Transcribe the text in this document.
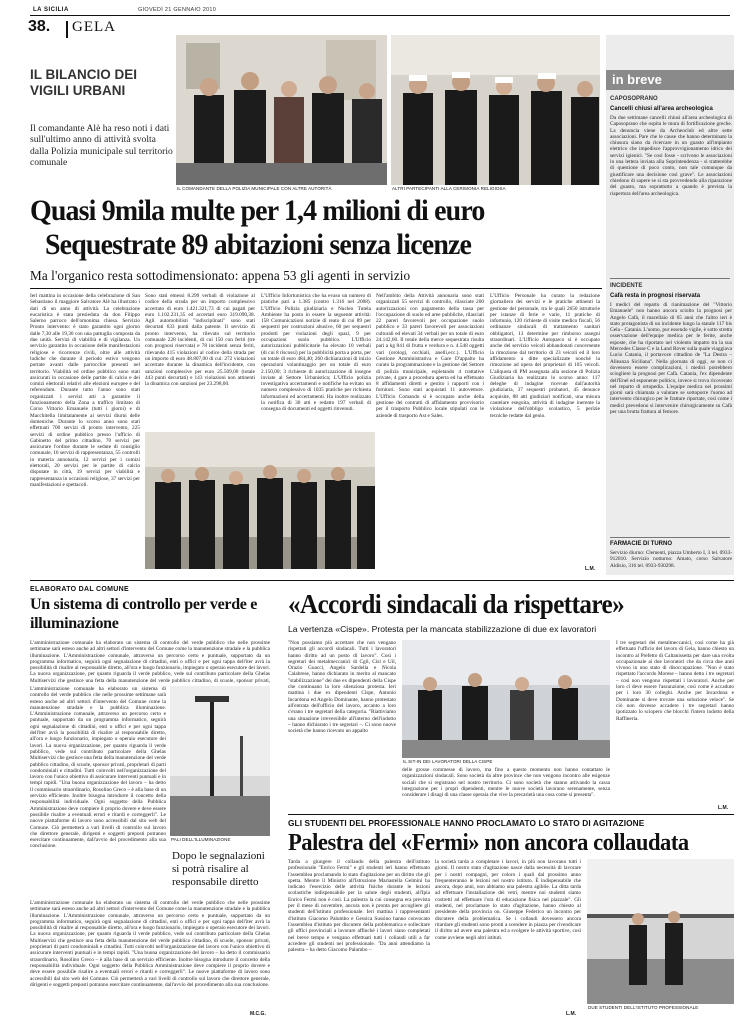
LA SICILIA	GIOVEDÌ 21 GENNAIO 2010
38. GELA
IL BILANCIO DEI VIGILI URBANI
Il comandante Alè ha reso noti i dati sull'ultimo anno di attività svolta dalla Polizia municipale sul territorio comunale
IL COMANDANTE DELLA POLIZIA MUNICIPALE CON ALTRE AUTORITÀ	ALTRI PARTECIPANTI ALLA CERIMONIA RELIGIOSA
Quasi 9mila multe per 1,4 milioni di euro
Sequestrate 89 abitazioni senza licenze
Ma l'organico resta sottodimensionato: appena 53 gli agenti in servizio
Ieri mattina in occasione della celebrazione di San Sebastiano il maggiore Salvatore Alè ha illustrato i dati di un anno di attività. La celebrazione eucaristica è stata presieduta da don Filippo Salerno parroco dell'omonima chiesa. Servizio Pronto intervento: è stato garantito ogni giorno dalle 7,30 alle 19,30 con una pattuglia composta da due unità. Servizi di viabilità e di vigilanza. Un servizio garantito in occasione delle manifestazioni religiose e ricorrenze civili, oltre alle attività ludiche che durante il periodo estivo vengono portate avanti dalle parrocchie presenti nel territorio. Viabilità ed ordine pubblico sono stati assicurati in occasione delle partite di calcio e dei comizi elettorali relativi alle elezioni europee e del referendum. Durante tutto l'anno sono stati organizzati i servizi atti a garantire il funzionamento della Zona a traffico limitato di Corso Vittorio Emanuele (tutti i giorni) e di Macchitella limitatamente ai servizi diurni delle domeniche. Durante lo scorso anno sono stati effettuati 700 servizi di pronto intervento, 225 servizi di ordine pubblico presso l'ufficio di Gabinetto del primo cittadino, 70 servizi per assicurare l'ordine durante le sedute di consiglio comunale, 10 servizi di rappresentanza, 55 controlli in materia annonaria, 12 servizi per i comizi elettorali, 20 servizi per le partite di calcio disputate in città, 19 servizi per viabilità e rappresentanza in occasioni religiose, 37 servizi per manifestazioni e spettacoli.
Sono stati emessi 8.299 verbali di violazione al codice della strada per un importo complessivo accertato di euro 1.421.321,73 di cui pagati per euro 1.102.231,35 ed accertati euro 319.090,38. Agli automobilisti "indisciplinati" sono stati decurtati 633 punti dalla patente. Il servizio di pronto intervento, ha rilevato sul territorio comunale 228 incidenti, di cui 150 con feriti (tre con prognosi riservata) e 78 incidenti senza feriti, rilevando 415 violazioni al codice della strada per un importo di euro 48.807,00 di cui: 272 violazioni accertate durante la dinamica dell'incidente, con sanzioni complessive per euro 25.509,00 (totale 443 punti decurtati) e 143 violazioni non attinenti la dinamica con sanzioni per 23.298,00.
L'Ufficio Infortunistica che ha evaso un numero di pratiche pari a 1.385 (contro 1.316 nel 2008). L'Ufficio Polizia giudiziaria e Nucleo Tutela Ambiente ha posto in essere la seguente attività: 158 Comunicazioni notizie di reato di cui 89 per sequestri per costruzioni abusive, 60 per sequestri prodotti per violazioni degli spazi, 9 per occupazioni suolo pubblico. L'Ufficio autorizzazioni pubblicitarie ha elevato 10 verbali (di cui 8 riscossi) per la pubblicità porta a porta, per un totale di euro 484,40; 260 dichiarazioni di inizio operazioni volantinaggio per un totale di euro 2.150,00; 3 richieste di autorizzazione di insegne inviate al Settore Urbanistica; L'Ufficio polizia investigativa accertamenti e notifiche ha evitato un numero complessivo di 1035 pratiche per richiesta informazioni ed accertamenti. Ha inoltre realizzato la notifica di 30 atti e redatto 197 verbali di consegna di documenti ed oggetti rinvenuti.
Nell'ambito della Attività annonaria sono stati organizzati 55 servizi di controllo, rilasciate 200 autorizzazioni con pagamento della tassa per l'occupazione di suolo ed aree pubbliche, rilasciati 22 pareri favorevoli per occupazione suolo pubblico e 33 pareri favorevoli per associazioni culturali ed elevati 34 verbali per un totale di euro 24.142,60. Il totale della merce sequestrata risulta pari a kg 841 di frutta e verdura e n. 4.548 oggetti vari (orologi, occhiali, anelli,ecc.). L'Ufficio Gestione Amministrativa e Gare D'appalto ha curato la programmazione e la gestione del Settore di polizia municipale, espletando 4 trattative private, 4 gare a procedura aperta ed ha effettuato 8 affidamenti diretti e gestito i rapporti con i fornitori. Sono stati acquistati 11 autovetture. L'Ufficio Comando si è occupato anche della gestione dei contratti di affidamento provvisorio per il trasporto Pubblico locale stipulati con le aziende di trasporto Ast e Sales.
L'Ufficio Personale ha curato la redazione giornaliera dei servizi e le pratiche attinenti la gestione del personale, tra le quali 2650 istruttorie per istanze di ferie e varie, 11 pratiche di infortunio, 120 richieste di visite medico fiscali, 56 ordinanze sindacali di trattamento sanitari obbligatori, 13 determine per rimborso assegni straordinari. L'Ufficio Autoparco si è occupato anche del servizio veicoli abbandonati concernente la rimozione dal territorio di 23 veicoli ed il loro affidamento a ditte specializzate nonché la rimozione ad opera dei proprietari di 105 veicoli. L'aliquota di PM assegnata alla sezione di Polizia Giudiziaria ha realizzato lo scorso anno: 117 deleghe di indagine ricevute dall'autorità giudiziaria, 37 sequestri probatori, 45 denunce acquisite, 88 atti giudiziari notificati, una misura cautelare eseguita, attività di indagine inerente la violazione dell'obbligo scolastico, 5 perizie tecniche redatte dal genio.
L.M.
in breve
CAPOSOPRANO
Cancelli chiusi all'area archeologica
Da due settimane cancelli chiusi all'area archeologica di Caposoprano che ospita le mura di fortificazione greche. La denuncia viene da Archeoclub ed altre sette associazioni. Pare che le cause che hanno determinato la chiusura siano da ricercare in un guasto all'impianto elettrico che impedisce l'approvvigionamento idrico dei servizi igienici. "Se così fosse - scrivono le associazioni in una lettera inviata alla Soprintendenza - si tratterebbe di questione di poco conto, non tale comunque da giustificare una decisione così grave". Le associazioni chiedono di sapere se si sta provvedendo alla riparazione del guasto, ma soprattutto a quando è prevista la riapertura dell'area archeologica.
INCIDENTE
Cafà resta in prognosi riservata
I medici del reparto di rianimazione del "Vittorio Emanuele" non hanno ancora sciolto la prognosi per Angelo Cafà, il macellaio di 65 anni che l'altro ieri è stato protagonista di un incidente lungo la statale 117 bis Gela - Catania. L'uomo, pur essendo vigile, è sotto stretta osservazione dell'equipe medica per le ferite, anche esposte, che ha riportato nel violento impatto tra la sua Mercedes Classe C e la Land Rover sulla quale viaggiava Lucio Catania, il portavoce cittadino de "La Destra – Alleanza Siciliana". Nella giornata di oggi, se non ci dovessero essere complicazioni, i medici potrebbero sciogliere la prognosi per Cafà. Catania, l'ex dipendente dell'Enel ed esponente politico, invece si trova ricoverato nel reparto di ortopedia. L'equipe medica nei prossimi giorni sarà chiamata a valutare se sottoporre l'uomo ad intervento chirurgico per le fratture riportate, così come i medici prevedono si intervenire chirurgicamente su Cafà per una brutta frattura al femore.
FARMACIE DI TURNO
Servizio diurno: Clementi, piazza Umberto I, 3 tel. 0933-912810. Servizio notturno: Amato, corso Salvatore Aldisio, 316 tel. 0933-930298.
ELABORATO DAL COMUNE
Un sistema di controllo per verde e illuminazione
L'amministrazione comunale ha elaborato un sistema di controllo del verde pubblico che nelle prossime settimane sarà esteso anche ad altri settori d'intervento del Comune come la manutenzione stradale e la pubblica illuminazione. L'Amministrazione comunale, attraverso un percorso certo e puntuale, supportato da un programma informatico, seguirà ogni segnalazione di cittadini, enti o uffici e per ogni tappa dell'iter avrà la possibilità di risalire al responsabile diretto, all'ora e luogo funzionario, impiegato o operaio esecutore dei lavori. La nuova organizzazione, per quanto riguarda il verde pubblico, vede sul contributo particolare della Ghelas Multiservizi che gestisce una fetta della manutenzione del verde pubblico cittadino, di scuole, sponsor privati,
L'amministrazione comunale ha elaborato un sistema di controllo del verde pubblico che nelle prossime settimane sarà esteso anche ad altri settori d'intervento del Comune come la manutenzione stradale e la pubblica illuminazione. L'Amministrazione comunale, attraverso un percorso certo e puntuale, supportato da un programma informatico, seguirà ogni segnalazione di cittadini, enti o uffici e per ogni tappa dell'iter avrà la possibilità di risalire al responsabile diretto, all'ora e luogo funzionario, impiegato o operaio esecutore dei lavori. La nuova organizzazione, per quanto riguarda il verde pubblico, vede sul contributo particolare della Ghelas Multiservizi che gestisce una fetta della manutenzione del verde pubblico cittadino, di scuole, sponsor privati, proprietari di parti condominiali e cittadini. Tutti coinvolti nell'organizzazione del lavoro con l'unico obiettivo di assicurare interventi puntuali e in tempi rapidi. "Una buona organizzazione del lavoro – ha detto il commissario straordinario, Rosolino Greco – è alla base di un servizio efficiente. Inoltre bisogna introdurre il concetto della responsabilità individuale. Ogni soggetto della Pubblica Amministrazione deve compiere il proprio dovere e deve essere possibile risalire a eventuali errori e ritardi e correggerli". Le nuove piattaforme di lavoro sono accessibili dal sito web del Comune. Ciò permetterà a vari livelli di controllo sul lavoro che direttore generale, dirigenti e soggetti preposti potranno esercitare continuamente, dall'avvio del procedimento alla sua conclusione.
PALI DELL'ILLUMINAZIONE
Dopo le segnalazioni si potrà risalire al responsabile diretto
L'amministrazione comunale ha elaborato un sistema di controllo del verde pubblico che nelle prossime settimane sarà esteso anche ad altri settori d'intervento del Comune come la manutenzione stradale e la pubblica illuminazione. L'Amministrazione comunale, attraverso un percorso certo e puntuale, supportato da un programma informatico, seguirà ogni segnalazione di cittadini, enti o uffici e per ogni tappa dell'iter avrà la possibilità di risalire al responsabile diretto, all'ora e luogo funzionario, impiegato o operaio esecutore dei lavori. La nuova organizzazione, per quanto riguarda il verde pubblico, vede sul contributo particolare della Ghelas Multiservizi che gestisce una fetta della manutenzione del verde pubblico cittadino, di scuole, sponsor privati, proprietari di parti condominiali e cittadini. Tutti coinvolti nell'organizzazione del lavoro con l'unico obiettivo di assicurare interventi puntuali e in tempi rapidi. "Una buona organizzazione del lavoro – ha detto il commissario straordinario, Rosolino Greco – è alla base di un servizio efficiente. Inoltre bisogna introdurre il concetto della responsabilità individuale. Ogni soggetto della Pubblica Amministrazione deve compiere il proprio dovere e deve essere possibile risalire a eventuali errori e ritardi e correggerli". Le nuove piattaforme di lavoro sono accessibili dal sito web del Comune. Ciò permetterà a vari livelli di controllo sul lavoro che direttore generale, dirigenti e soggetti preposti potranno esercitare continuamente, dall'avvio del procedimento alla sua conclusione.
M.C.G.
«Accordi sindacali da rispettare»
La vertenza «Cispe». Protesta per la mancata stabilizzazione di due ex lavoratori
"Non possiamo più accettare che non vengano rispettati gli accordi sindacali. Tutti i lavoratori hanno diritto ad un posto di lavoro". Così i segretari dei metalmeccanici di Cgil, Cisl e Uil, Orazio Guacci, Angelo Sardella e Nicola Calabrese, hanno dichiarato in merito al mancato "stabilizzazione" dei due ex dipendenti della Cispe che continuano la loro silenziosa protesta. Ieri mattina i due ex dipendenti Cispe, Antonio Incardona ed Angelo Dominante, hanno protestato all'entrata dell'ufficio del lavoro, accanto a loro c'erano i tre segretari della categoria. "Riattiviamo una situazione irreversibile all'interno dell'indotto – hanno dichiarato i tre segretari –. Ci sono nuove società che hanno ricevuto un appalto
IL SIT-IN DEI LAVORATORI DELLA CISPE
delle grosse commesse di lavoro, ma fino a questo momento non hanno contattato le organizzazioni sindacali. Sono società da altre province che non vengono incontro alle esigenze sociali che si registrano nel nostro territorio. Ci sono società che stanno attivando la cassa integrazione per i propri dipendenti, mentre le nuove società lavorano serenamente, senza considerare i disagi di una classe operaia che vive la precarietà una cosa come si presenta".
I tre segretari dei metalmeccanici, così come ha già effettuato l'ufficio del lavoro di Gela, hanno chiesto un incontro al Prefetto di Caltanissetta per dare una svolta occupazionale ai due lavoratori che da circa due anni vivono in uno stato di disoccupazione. "Non è stato rispettato l'accordo Morese – hanno detto i tre segretari – così non vengono rispettati i lavoratori. Anche per loro ci deve essere l'assunzione, così come è accaduto per i loro 30 colleghi. Anche per Incardona e Dominante si deve trovare una soluzione veloce". Se ciò non dovesse accadere i tre segretari hanno ipotizzato lo sciopero che blocchi l'intero indotto della Raffineria.
L.M.
GLI STUDENTI DEL PROFESSIONALE HANNO PROCLAMATO LO STATO DI AGITAZIONE
Palestra del «Fermi» non ancora collaudata
Tarda a giungere il collaudo della palestra dell'istituto professionale "Enrico Fermi" e gli studenti ieri hanno effettuato l'assemblea proclamando lo stato d'agitazione per un diritto che gli spetta. Mentre il Ministro all'Istruzione Mariastella Gelmini ha indicato l'esercizio delle attività fisiche durante le lezioni scolastiche indispensabile per la salute degli studenti, all'Ipia Enrico Fermi non è così. La palestra la cui consegna era prevista per il mese di novembre, ancora non è pronta per accogliere gli studenti dell'istituto professionale. Ieri mattina i rappresentanti d'istituto Giacomo Palumbo e Gessica Sussino hanno convocato l'assemblea d'istituto per discutere della problematica e sollecitare gli uffici provinciali a lavorare affinché i lavori siano completati nel breve tempo e vengano effettuati tutti i collaudi utili a far accedere gli studenti nel professionale. "Da anni attendiamo la palestra – ha detto Giacomo Palumbo –
la società tarda a completare i lavori, in più non lavorano tutti i giorni. Il nostro stato d'agitazione nasce dalla necessità di lavorare per i nostri compagni, per coloro i quali dal prossimo anno frequenteranno le lezioni nel nostro istituto. È indispensabile che ancora, dopo anni, non abbiamo una palestra agibile. La ditta tarda ad effettuare l'installazione dei vetri, mentre noi studenti siamo costretti ad effettuare l'ora di educazione fisica nel piazzale". Gli studenti, nel proclamare lo stato d'agitazione, hanno chiesto al presidente della provincia on. Giuseppe Federico un incontro per discutere della problematica. Se i collaudi dovessero ancora ritardare gli studenti sono pronti a scendere in piazza per rivendicare il diritto ad avere una palestra ed a svolgere le attività sportive, così come avviene negli altri istituti.
L.M.
DUE STUDENTI DELL'ISTITUTO PROFESSIONALE
